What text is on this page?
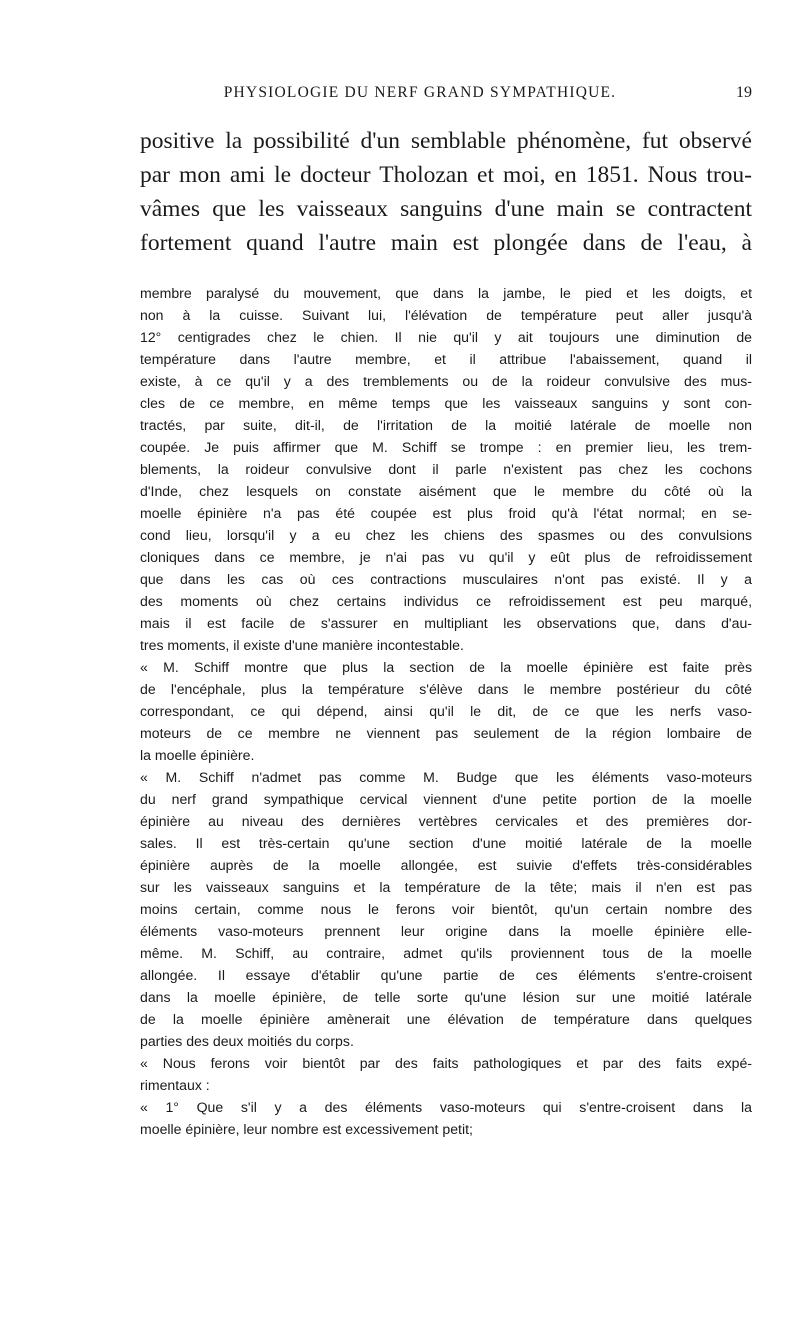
PHYSIOLOGIE DU NERF GRAND SYMPATHIQUE.	19

positive la possibilité d'un semblable phénomène, fut observé
par mon ami le docteur Tholozan et moi, en 1851. Nous trou-
vâmes que les vaisseaux sanguins d'une main se contractent
fortement quand l'autre main est plongée dans de l'eau, à

membre paralysé du mouvement, que dans la jambe, le pied et les doigts, et
non à la cuisse. Suivant lui, l'élévation de température peut aller jusqu'à
12° centigrades chez le chien. Il nie qu'il y ait toujours une diminution de
température dans l'autre membre, et il attribue l'abaissement, quand il
existe, à ce qu'il y a des tremblements ou de la roideur convulsive des mus-
cles de ce membre, en même temps que les vaisseaux sanguins y sont con-
tractés, par suite, dit-il, de l'irritation de la moitié latérale de moelle non
coupée. Je puis affirmer que M. Schiff se trompe : en premier lieu, les trem-
blements, la roideur convulsive dont il parle n'existent pas chez les cochons
d'Inde, chez lesquels on constate aisément que le membre du côté où la
moelle épinière n'a pas été coupée est plus froid qu'à l'état normal; en se-
cond lieu, lorsqu'il y a eu chez les chiens des spasmes ou des convulsions
cloniques dans ce membre, je n'ai pas vu qu'il y eût plus de refroidissement
que dans les cas où ces contractions musculaires n'ont pas existé. Il y a
des moments où chez certains individus ce refroidissement est peu marqué,
mais il est facile de s'assurer en multipliant les observations que, dans d'au-
tres moments, il existe d'une manière incontestable.

« M. Schiff montre que plus la section de la moelle épinière est faite près
de l'encéphale, plus la température s'élève dans le membre postérieur du côté
correspondant, ce qui dépend, ainsi qu'il le dit, de ce que les nerfs vaso-
moteurs de ce membre ne viennent pas seulement de la région lombaire de
la moelle épinière.

« M. Schiff n'admet pas comme M. Budge que les éléments vaso-moteurs
du nerf grand sympathique cervical viennent d'une petite portion de la moelle
épinière au niveau des dernières vertèbres cervicales et des premières dor-
sales. Il est très-certain qu'une section d'une moitié latérale de la moelle
épinière auprès de la moelle allongée, est suivie d'effets très-considérables
sur les vaisseaux sanguins et la température de la tête; mais il n'en est pas
moins certain, comme nous le ferons voir bientôt, qu'un certain nombre des
éléments vaso-moteurs prennent leur origine dans la moelle épinière elle-
même. M. Schiff, au contraire, admet qu'ils proviennent tous de la moelle
allongée. Il essaye d'établir qu'une partie de ces éléments s'entre-croisent
dans la moelle épinière, de telle sorte qu'une lésion sur une moitié latérale
de la moelle épinière amènerait une élévation de température dans quelques
parties des deux moitiés du corps.

« Nous ferons voir bientôt par des faits pathologiques et par des faits expé-
rimentaux :

« 1° Que s'il y a des éléments vaso-moteurs qui s'entre-croisent dans la
moelle épinière, leur nombre est excessivement petit;
